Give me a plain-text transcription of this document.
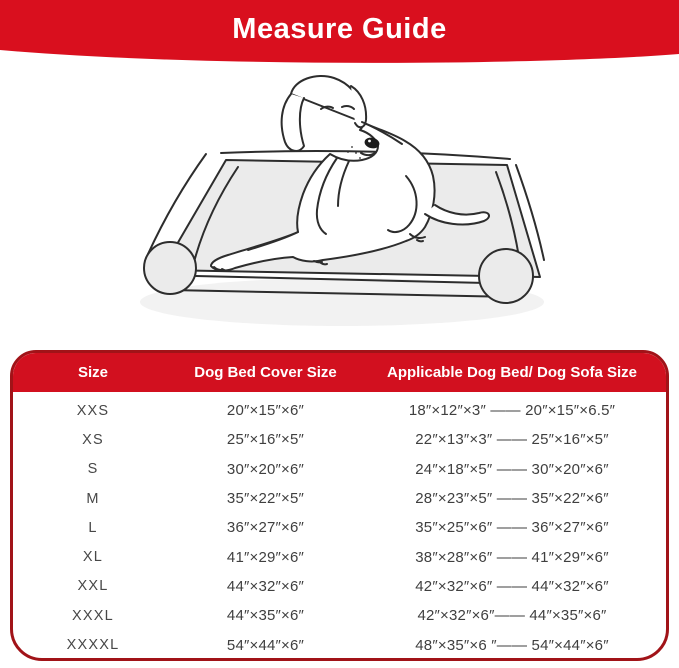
Measure Guide
Size	Dog Bed Cover Size	Applicable Dog Bed/ Dog Sofa Size
XXS	20″×15″×6″	18″×12″×3″ —— 20″×15″×6.5″
XS	25″×16″×5″	22″×13″×3″ —— 25″×16″×5″
S	30″×20″×6″	24″×18″×5″ —— 30″×20″×6″
M	35″×22″×5″	28″×23″×5″ —— 35″×22″×6″
L	36″×27″×6″	35″×25″×6″ —— 36″×27″×6″
XL	41″×29″×6″	38″×28″×6″ —— 41″×29″×6″
XXL	44″×32″×6″	42″×32″×6″ —— 44″×32″×6″
XXXL	44″×35″×6″	42″×32″×6″—— 44″×35″×6″
XXXXL	54″×44″×6″	48″×35″×6 ″—— 54″×44″×6″
